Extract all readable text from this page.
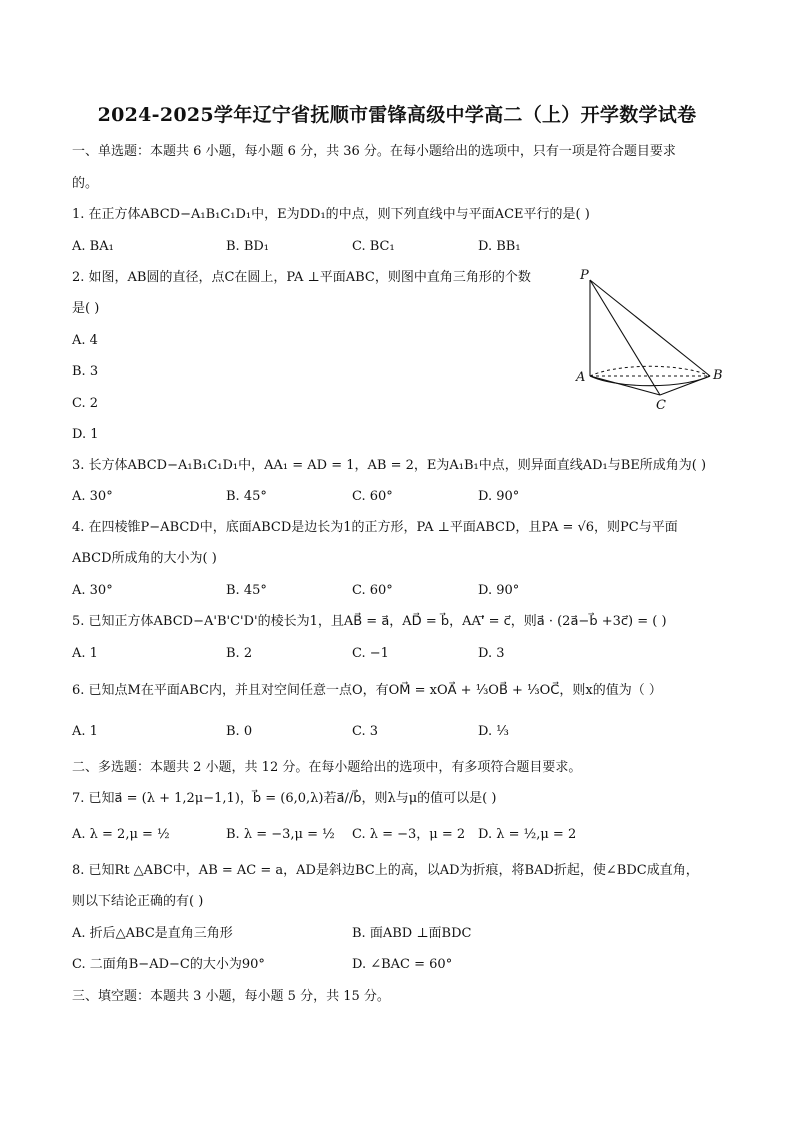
2024-2025学年辽宁省抚顺市雷锋高级中学高二（上）开学数学试卷
一、单选题：本题共 6 小题，每小题 6 分，共 36 分。在每小题给出的选项中，只有一项是符合题目要求
的。
1. 在正方体ABCD−A₁B₁C₁D₁中，E为DD₁的中点，则下列直线中与平面ACE平行的是( )
A. BA₁	B. BD₁	C. BC₁	D. BB₁
2. 如图，AB圆的直径，点C在圆上，PA ⊥平面ABC，则图中直角三角形的个数
是( )
A. 4
B. 3
C. 2
D. 1
P
A	B
C
3. 长方体ABCD−A₁B₁C₁D₁中，AA₁ = AD = 1，AB = 2，E为A₁B₁中点，则异面直线AD₁与BE所成角为( )
A. 30°	B. 45°	C. 60°	D. 90°
4. 在四棱锥P−ABCD中，底面ABCD是边长为1的正方形，PA ⊥平面ABCD，且PA = √6，则PC与平面
ABCD所成角的大小为( )
A. 30°	B. 45°	C. 60°	D. 90°
5. 已知正方体ABCD−A'B'C'D'的棱长为1，且AB⃗ = a⃗，AD⃗ = b⃗，AA'⃗ = c⃗，则a⃗ · (2a⃗−b⃗ +3c⃗) = ( )
A. 1	B. 2	C. −1	D. 3
6. 已知点M在平面ABC内，并且对空间任意一点O，有OM⃗ = xOA⃗ + ⅓OB⃗ + ⅓OC⃗，则x的值为（ ）
A. 1	B. 0	C. 3	D. ⅓
二、多选题：本题共 2 小题，共 12 分。在每小题给出的选项中，有多项符合题目要求。
7. 已知a⃗ = (λ + 1,2μ−1,1)，b⃗ = (6,0,λ)若a⃗//b⃗，则λ与μ的值可以是( )
A. λ = 2,μ = ½	B. λ = −3,μ = ½ C. λ = −3，μ = 2 D. λ = ½,μ = 2
8. 已知Rt △ABC中，AB = AC = a，AD是斜边BC上的高，以AD为折痕，将BAD折起，使∠BDC成直角，
则以下结论正确的有( )
A. 折后△ABC是直角三角形	B. 面ABD ⊥面BDC
C. 二面角B−AD−C的大小为90°	D. ∠BAC = 60°
三、填空题：本题共 3 小题，每小题 5 分，共 15 分。
